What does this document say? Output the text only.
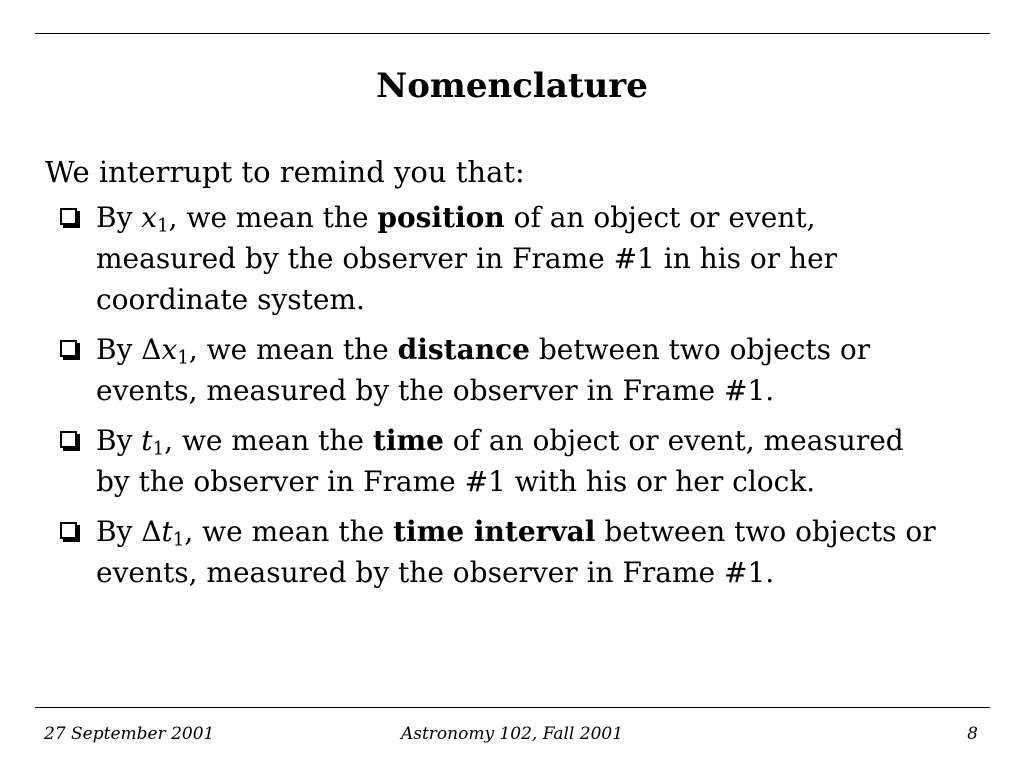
Nomenclature

We interrupt to remind you that:

By $x_1$, we mean the position of an object or event,
measured by the observer in Frame #1 in his or her
coordinate system.
By $\Delta x_1$, we mean the distance between two objects or
events, measured by the observer in Frame #1.
By $t_1$, we mean the time of an object or event, measured
by the observer in Frame #1 with his or her clock.
By $\Delta t_1$, we mean the time interval between two objects or
events, measured by the observer in Frame #1.
27 September 2001	Astronomy 102, Fall 2001	8
